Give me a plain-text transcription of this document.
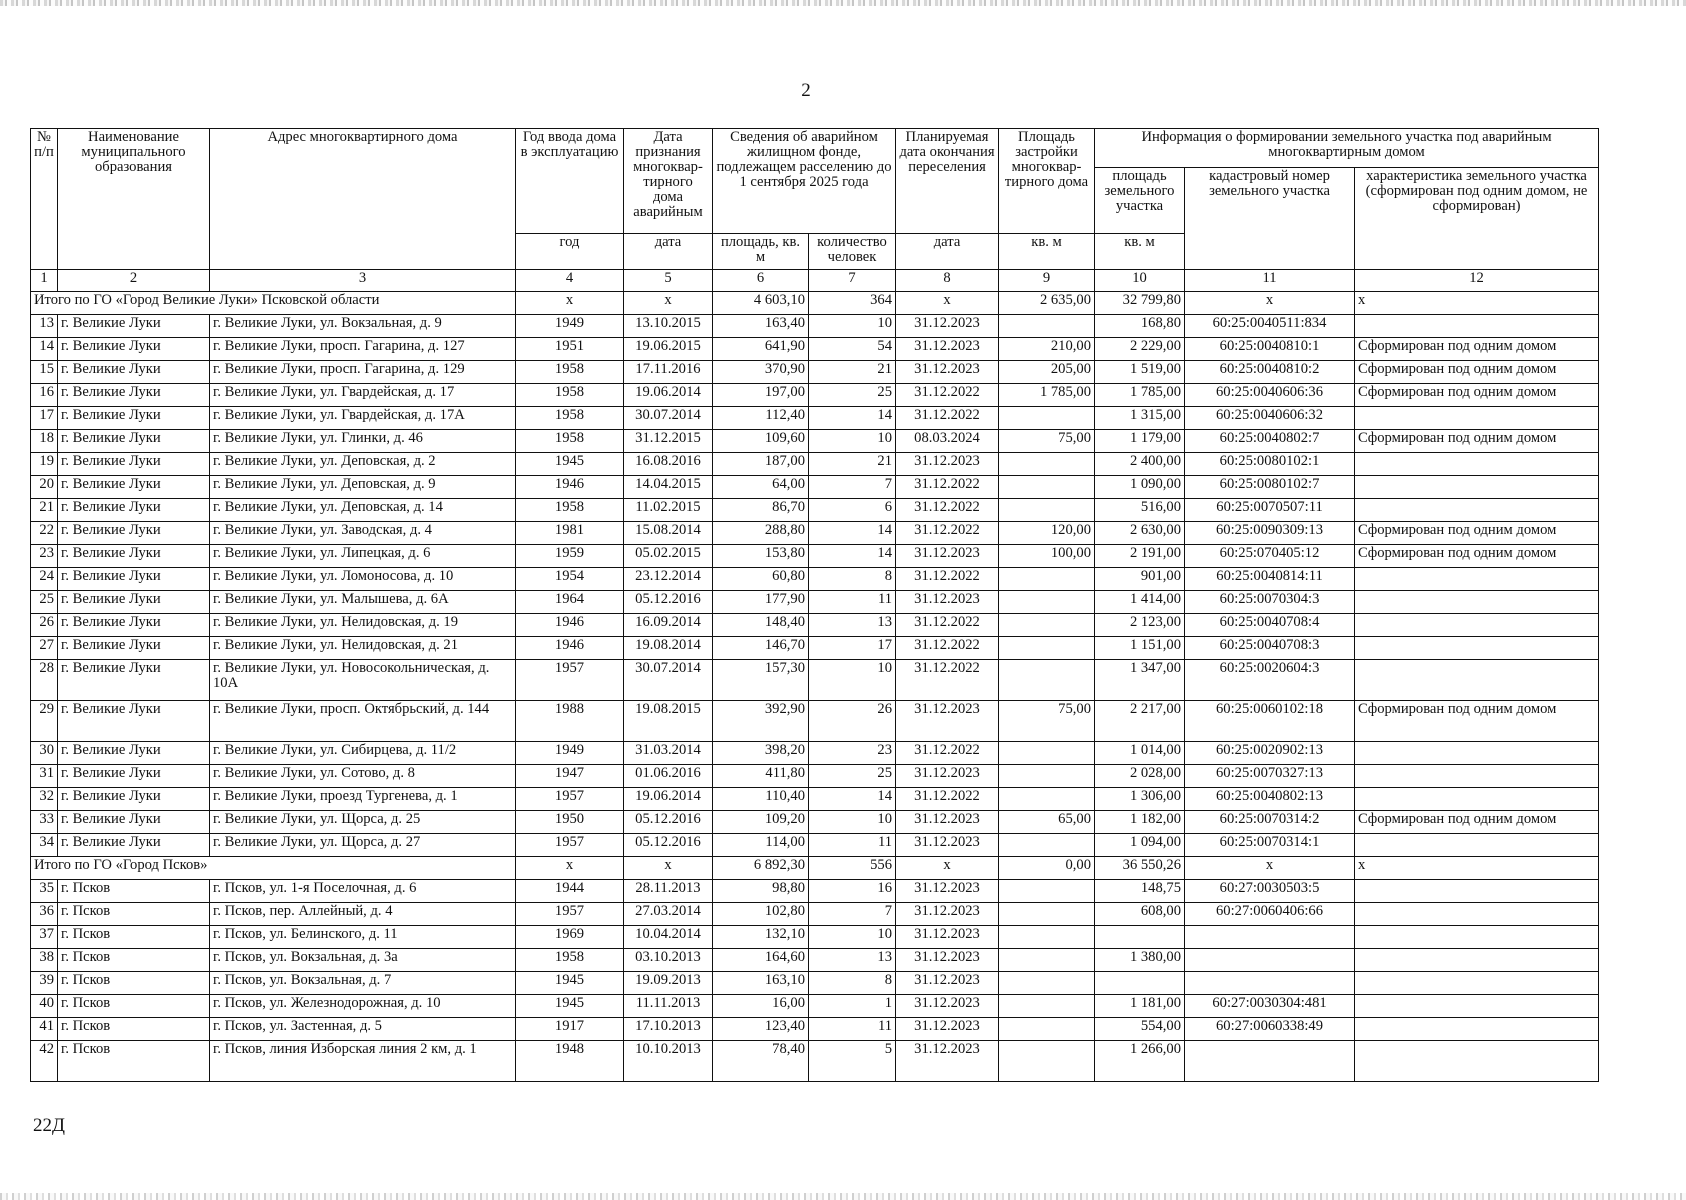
2
№ п/п	Наименование муниципального образования	Адрес многоквартирного дома	Год ввода дома в эксплуатацию	Дата признания многоквар-тирного дома аварийным	Сведения об аварийном жилищном фонде, подлежащем расселению до 1 сентября 2025 года		Планируемая дата окончания переселения	Площадь застройки многоквар-тирного дома	Информация о формировании земельного участка под аварийным многоквартирным домом		
									площадь земельного участка	кадастровый номер земельного участка	характеристика земельного участка (сформирован под одним домом, не сформирован)
			год	дата	площадь, кв. м	количество человек	дата	кв. м	кв. м		
1	2	3	4	5	6	7	8	9	10	11	12
Итого по ГО «Город Великие Луки» Псковской области			х	х	4 603,10	364	х	2 635,00	32 799,80	х	х
13	г. Великие Луки	г. Великие Луки, ул. Вокзальная, д. 9	1949	13.10.2015	163,40	10	31.12.2023		168,80	60:25:0040511:834	
14	г. Великие Луки	г. Великие Луки, просп. Гагарина, д. 127	1951	19.06.2015	641,90	54	31.12.2023	210,00	2 229,00	60:25:0040810:1	Сформирован под одним домом
15	г. Великие Луки	г. Великие Луки, просп. Гагарина, д. 129	1958	17.11.2016	370,90	21	31.12.2023	205,00	1 519,00	60:25:0040810:2	Сформирован под одним домом
16	г. Великие Луки	г. Великие Луки, ул. Гвардейская, д. 17	1958	19.06.2014	197,00	25	31.12.2022	1 785,00	1 785,00	60:25:0040606:36	Сформирован под одним домом
17	г. Великие Луки	г. Великие Луки, ул. Гвардейская, д. 17А	1958	30.07.2014	112,40	14	31.12.2022		1 315,00	60:25:0040606:32	
18	г. Великие Луки	г. Великие Луки, ул. Глинки, д. 46	1958	31.12.2015	109,60	10	08.03.2024	75,00	1 179,00	60:25:0040802:7	Сформирован под одним домом
19	г. Великие Луки	г. Великие Луки, ул. Деповская, д. 2	1945	16.08.2016	187,00	21	31.12.2023		2 400,00	60:25:0080102:1	
20	г. Великие Луки	г. Великие Луки, ул. Деповская, д. 9	1946	14.04.2015	64,00	7	31.12.2022		1 090,00	60:25:0080102:7	
21	г. Великие Луки	г. Великие Луки, ул. Деповская, д. 14	1958	11.02.2015	86,70	6	31.12.2022		516,00	60:25:0070507:11	
22	г. Великие Луки	г. Великие Луки, ул. Заводская, д. 4	1981	15.08.2014	288,80	14	31.12.2022	120,00	2 630,00	60:25:0090309:13	Сформирован под одним домом
23	г. Великие Луки	г. Великие Луки, ул. Липецкая, д. 6	1959	05.02.2015	153,80	14	31.12.2023	100,00	2 191,00	60:25:070405:12	Сформирован под одним домом
24	г. Великие Луки	г. Великие Луки, ул. Ломоносова, д. 10	1954	23.12.2014	60,80	8	31.12.2022		901,00	60:25:0040814:11	
25	г. Великие Луки	г. Великие Луки, ул. Малышева, д. 6А	1964	05.12.2016	177,90	11	31.12.2023		1 414,00	60:25:0070304:3	
26	г. Великие Луки	г. Великие Луки, ул. Нелидовская, д. 19	1946	16.09.2014	148,40	13	31.12.2022		2 123,00	60:25:0040708:4	
27	г. Великие Луки	г. Великие Луки, ул. Нелидовская, д. 21	1946	19.08.2014	146,70	17	31.12.2022		1 151,00	60:25:0040708:3	
28	г. Великие Луки	г. Великие Луки, ул. Новосокольническая, д. 10А	1957	30.07.2014	157,30	10	31.12.2022		1 347,00	60:25:0020604:3	
29	г. Великие Луки	г. Великие Луки, просп. Октябрьский, д. 144	1988	19.08.2015	392,90	26	31.12.2023	75,00	2 217,00	60:25:0060102:18	Сформирован под одним домом
30	г. Великие Луки	г. Великие Луки, ул. Сибирцева, д. 11/2	1949	31.03.2014	398,20	23	31.12.2022		1 014,00	60:25:0020902:13	
31	г. Великие Луки	г. Великие Луки, ул. Сотово, д. 8	1947	01.06.2016	411,80	25	31.12.2023		2 028,00	60:25:0070327:13	
32	г. Великие Луки	г. Великие Луки, проезд Тургенева, д. 1	1957	19.06.2014	110,40	14	31.12.2022		1 306,00	60:25:0040802:13	
33	г. Великие Луки	г. Великие Луки, ул. Щорса, д. 25	1950	05.12.2016	109,20	10	31.12.2023	65,00	1 182,00	60:25:0070314:2	Сформирован под одним домом
34	г. Великие Луки	г. Великие Луки, ул. Щорса, д. 27	1957	05.12.2016	114,00	11	31.12.2023		1 094,00	60:25:0070314:1	
Итого по ГО «Город Псков»			х	х	6 892,30	556	х	0,00	36 550,26	х	х
35	г. Псков	г. Псков, ул. 1-я Поселочная, д. 6	1944	28.11.2013	98,80	16	31.12.2023		148,75	60:27:0030503:5	
36	г. Псков	г. Псков, пер. Аллейный, д. 4	1957	27.03.2014	102,80	7	31.12.2023		608,00	60:27:0060406:66	
37	г. Псков	г. Псков, ул. Белинского, д. 11	1969	10.04.2014	132,10	10	31.12.2023				
38	г. Псков	г. Псков, ул. Вокзальная, д. 3а	1958	03.10.2013	164,60	13	31.12.2023		1 380,00		
39	г. Псков	г. Псков, ул. Вокзальная, д. 7	1945	19.09.2013	163,10	8	31.12.2023				
40	г. Псков	г. Псков, ул. Железнодорожная, д. 10	1945	11.11.2013	16,00	1	31.12.2023		1 181,00	60:27:0030304:481	
41	г. Псков	г. Псков, ул. Застенная, д. 5	1917	17.10.2013	123,40	11	31.12.2023		554,00	60:27:0060338:49	
42	г. Псков	г. Псков, линия Изборская линия 2 км, д. 1	1948	10.10.2013	78,40	5	31.12.2023		1 266,00		
22Д
